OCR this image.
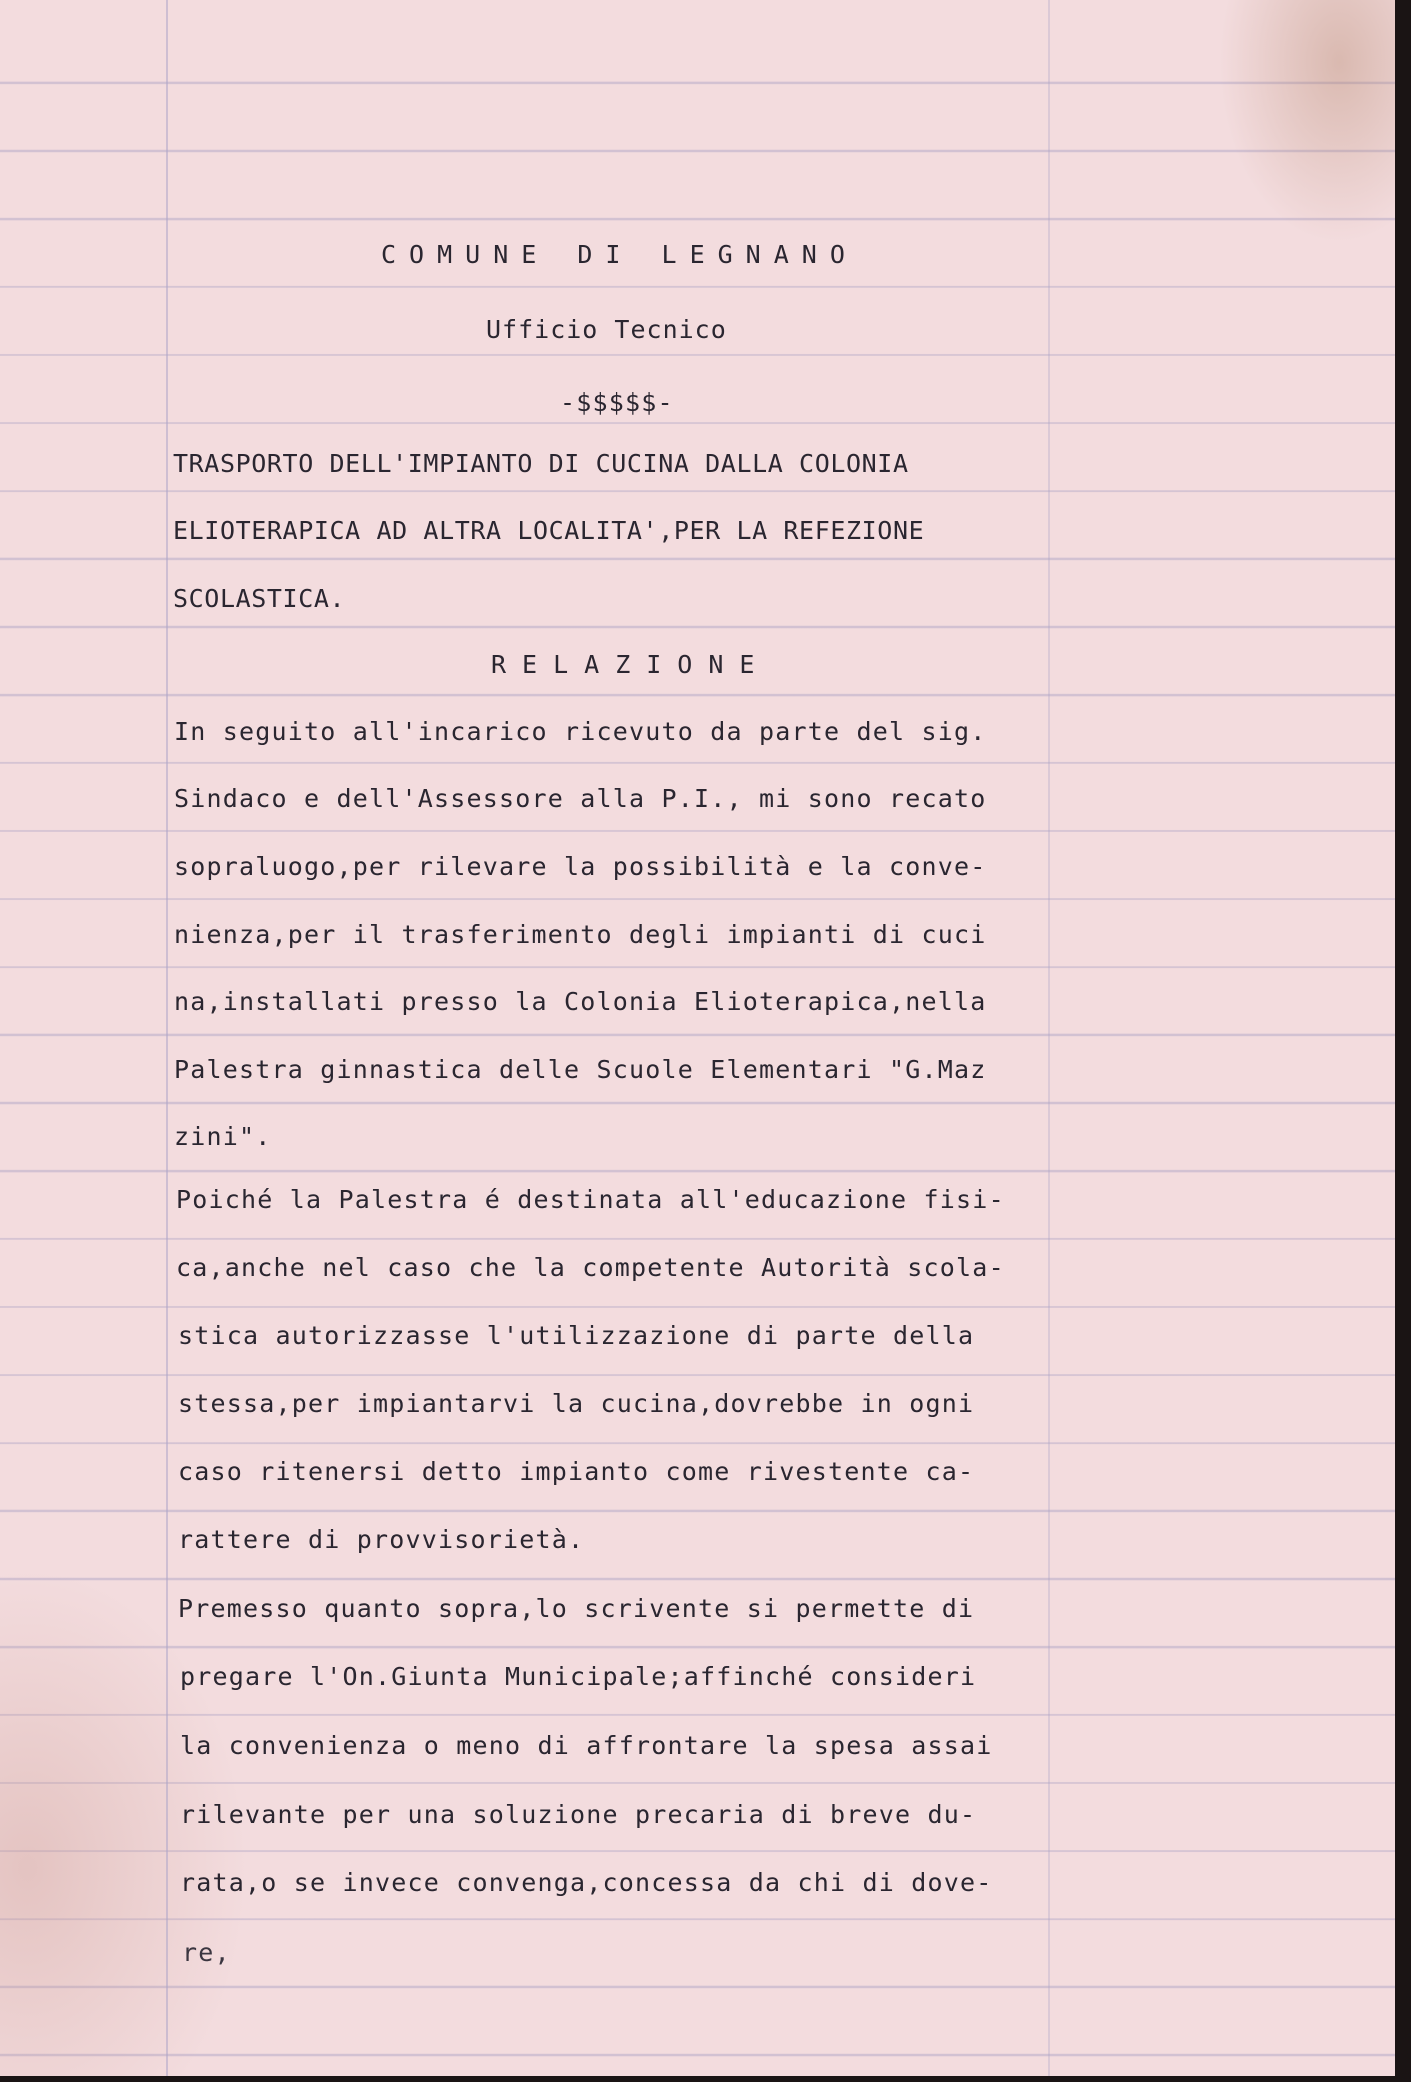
COMUNE DI LEGNANO
Ufficio Tecnico
-$$$$$-
TRASPORTO DELL'IMPIANTO DI CUCINA DALLA COLONIA
ELIOTERAPICA AD ALTRA LOCALITA',PER LA REFEZIONE
SCOLASTICA.
RELAZIONE
In seguito all'incarico ricevuto da parte del sig.
Sindaco e dell'Assessore alla P.I., mi sono recato
sopraluogo,per rilevare la possibilità e la conve-
nienza,per il trasferimento degli impianti di cuci
na,installati presso la Colonia Elioterapica,nella
Palestra ginnastica delle Scuole Elementari "G.Maz
zini".
Poiché la Palestra é destinata all'educazione fisi-
ca,anche nel caso che la competente Autorità scola-
stica autorizzasse l'utilizzazione di parte della
stessa,per impiantarvi la cucina,dovrebbe in ogni
caso ritenersi detto impianto come rivestente ca-
rattere di provvisorietà.
Premesso quanto sopra,lo scrivente si permette di
pregare l'On.Giunta Municipale;affinché consideri
la convenienza o meno di affrontare la spesa assai
rilevante per una soluzione precaria di breve du-
rata,o se invece convenga,concessa da chi di dove-
re,
